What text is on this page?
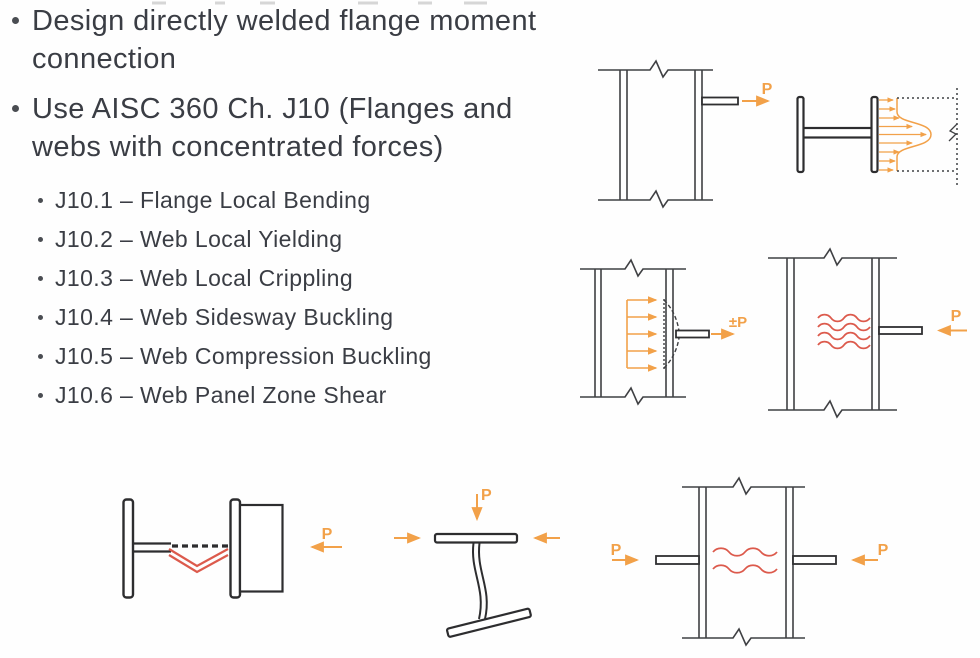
Design directly welded flange moment
connection
Use AISC 360 Ch. J10 (Flanges and
webs with concentrated forces)
J10.1 – Flange Local Bending
J10.2 – Web Local Yielding
J10.3 – Web Local Crippling
J10.4 – Web Sidesway Buckling
J10.5 – Web Compression Buckling
J10.6 – Web Panel Zone Shear
P
±P	P
P
P
P	P
